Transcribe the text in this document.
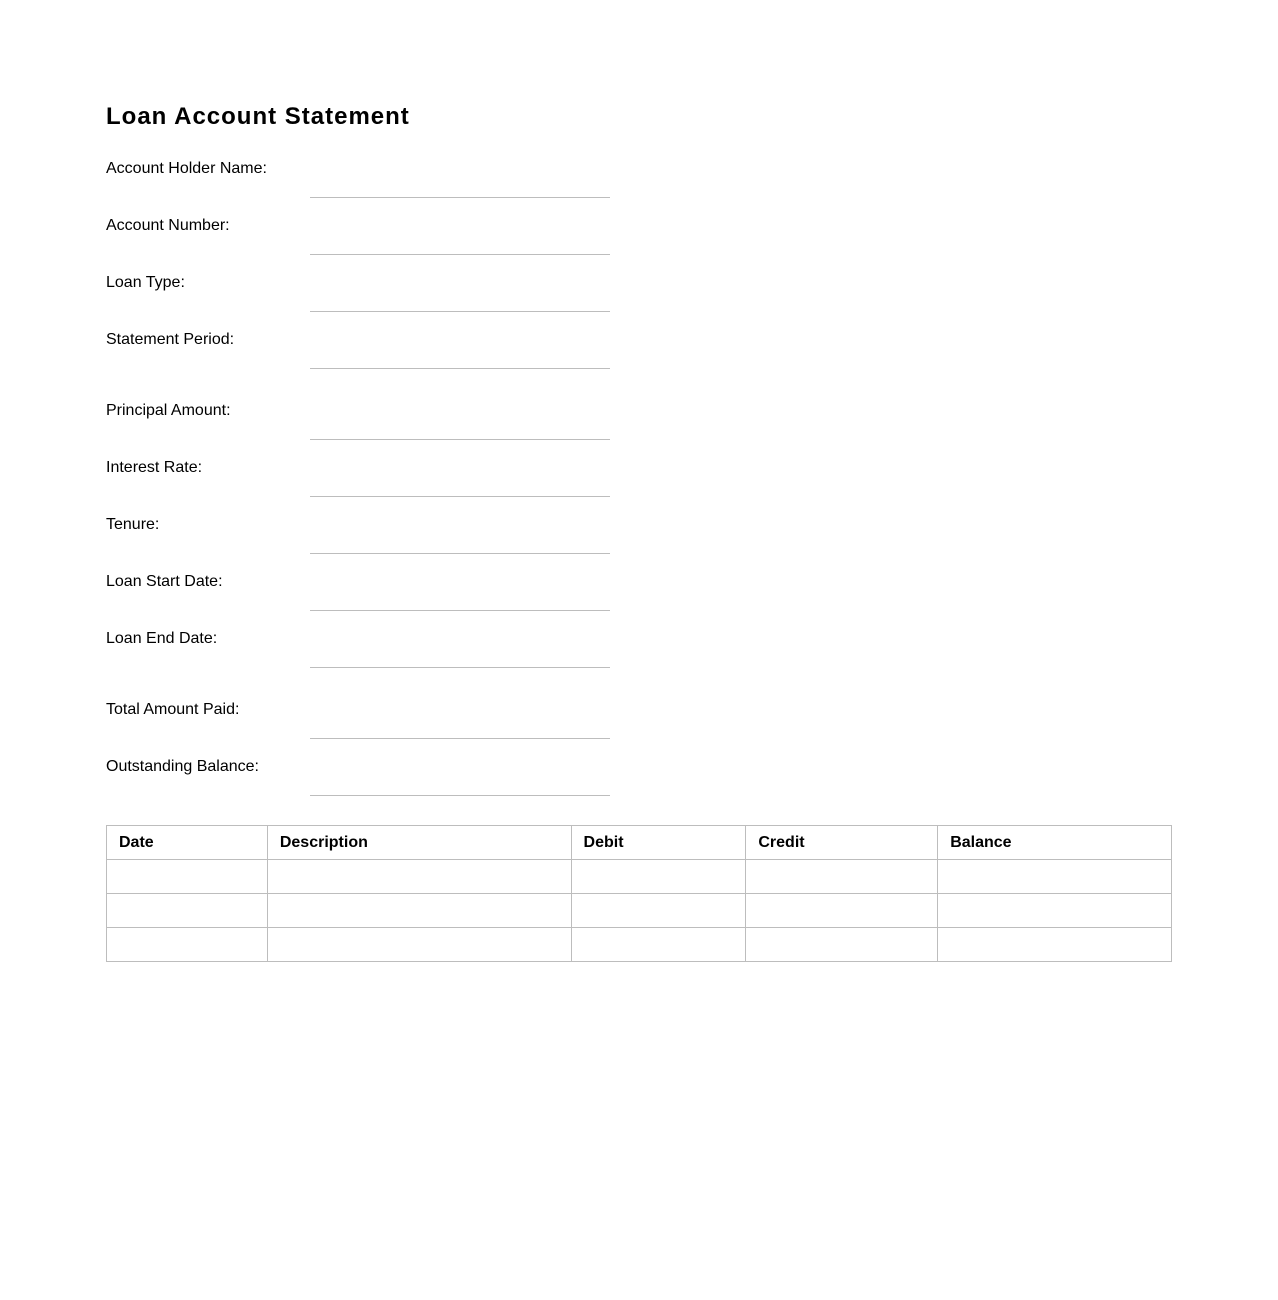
Loan Account Statement
Account Holder Name:
Account Number:
Loan Type:
Statement Period:
Principal Amount:
Interest Rate:
Tenure:
Loan Start Date:
Loan End Date:
Total Amount Paid:
Outstanding Balance:
Date	Description	Debit	Credit	Balance
